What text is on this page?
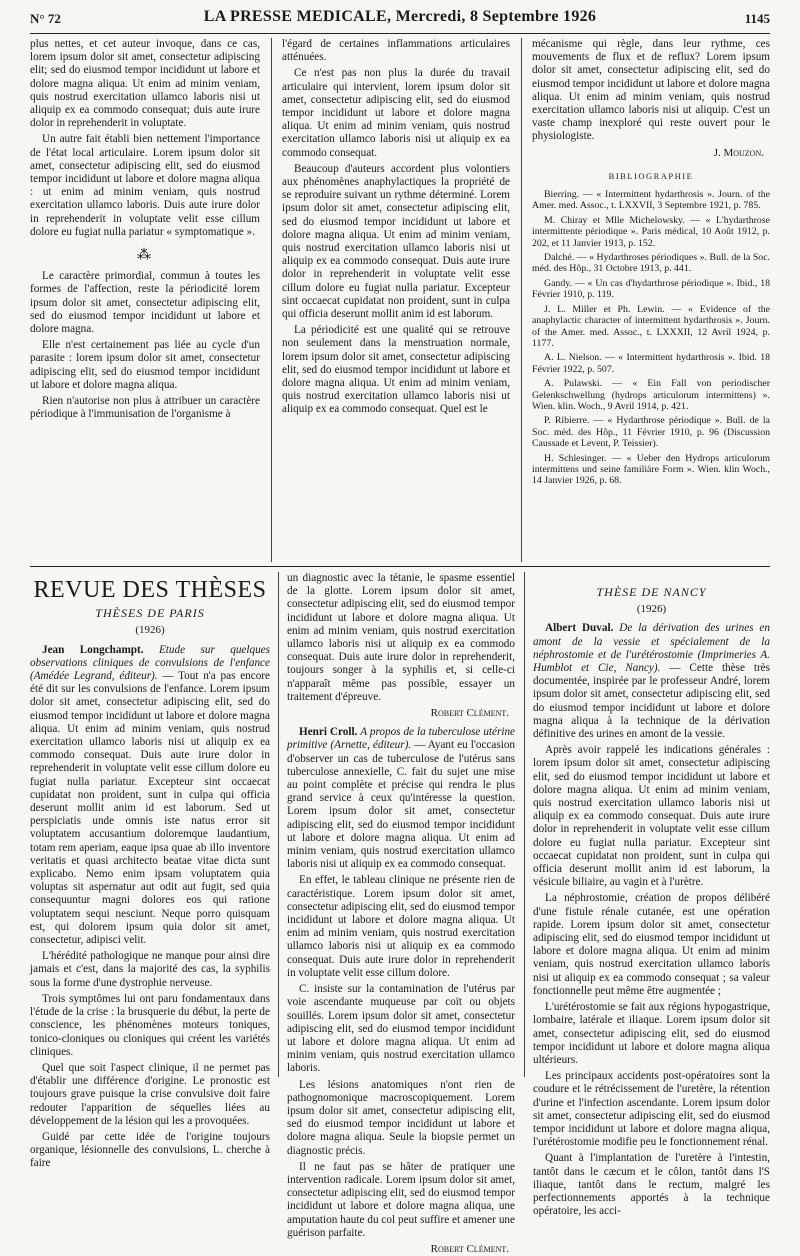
N° 72	LA PRESSE MEDICALE, Mercredi, 8 Septembre 1926	1145

plus nettes, et cet auteur invoque, dans ce cas, lorem ipsum dolor sit amet, consectetur adipiscing elit; sed do eiusmod tempor incididunt ut labore et dolore magna aliqua. Ut enim ad minim veniam, quis nostrud exercitation ullamco laboris nisi ut aliquip ex ea commodo consequat; duis aute irure dolor in reprehenderit in voluptate.

Un autre fait établi bien nettement l'importance de l'état local articulaire. Lorem ipsum dolor sit amet, consectetur adipiscing elit, sed do eiusmod tempor incididunt ut labore et dolore magna aliqua : ut enim ad minim veniam, quis nostrud exercitation ullamco laboris. Duis aute irure dolor in reprehenderit in voluptate velit esse cillum dolore eu fugiat nulla pariatur « symptomatique ».

⁂

Le caractère primordial, commun à toutes les formes de l'affection, reste la périodicité lorem ipsum dolor sit amet, consectetur adipiscing elit, sed do eiusmod tempor incididunt ut labore et dolore magna.

Elle n'est certainement pas liée au cycle d'un parasite : lorem ipsum dolor sit amet, consectetur adipiscing elit, sed do eiusmod tempor incididunt ut labore et dolore magna aliqua.

Rien n'autorise non plus à attribuer un caractère périodique à l'immunisation de l'organisme à

l'égard de certaines inflammations articulaires atténuées.

Ce n'est pas non plus la durée du travail articulaire qui intervient, lorem ipsum dolor sit amet, consectetur adipiscing elit, sed do eiusmod tempor incididunt ut labore et dolore magna aliqua. Ut enim ad minim veniam, quis nostrud exercitation ullamco laboris nisi ut aliquip ex ea commodo consequat.

Beaucoup d'auteurs accordent plus volontiers aux phénomènes anaphylactiques la propriété de se reproduire suivant un rythme déterminé. Lorem ipsum dolor sit amet, consectetur adipiscing elit, sed do eiusmod tempor incididunt ut labore et dolore magna aliqua. Ut enim ad minim veniam, quis nostrud exercitation ullamco laboris nisi ut aliquip ex ea commodo consequat. Duis aute irure dolor in reprehenderit in voluptate velit esse cillum dolore eu fugiat nulla pariatur. Excepteur sint occaecat cupidatat non proident, sunt in culpa qui officia deserunt mollit anim id est laborum.

La périodicité est une qualité qui se retrouve non seulement dans la menstruation normale, lorem ipsum dolor sit amet, consectetur adipiscing elit, sed do eiusmod tempor incididunt ut labore et dolore magna aliqua. Ut enim ad minim veniam, quis nostrud exercitation ullamco laboris nisi ut aliquip ex ea commodo consequat. Quel est le

mécanisme qui règle, dans leur rythme, ces mouvements de flux et de reflux? Lorem ipsum dolor sit amet, consectetur adipiscing elit, sed do eiusmod tempor incididunt ut labore et dolore magna aliqua. Ut enim ad minim veniam, quis nostrud exercitation ullamco laboris nisi ut aliquip. C'est un vaste champ inexploré qui reste ouvert pour le physiologiste.

J. Mouzon.
BIBLIOGRAPHIE

Bierring. — « Intermittent hydarthrosis ». Journ. of the Amer. med. Assoc., t. LXXVII, 3 Septembre 1921, p. 785.

M. Chiray et Mlle Michelowsky. — « L'hydarthrose intermittente périodique ». Paris médical, 10 Août 1912, p. 202, et 11 Janvier 1913, p. 152.

Dalché. — « Hydarthroses périodiques ». Bull. de la Soc. méd. des Hôp., 31 Octobre 1913, p. 441.

Gandy. — « Un cas d'hydarthrose périodique ». Ibid., 18 Février 1910, p. 119.

J. L. Miller et Ph. Lewin. — « Evidence of the anaphylactic character of intermittent hydarthrosis ». Journ. of the Amer. med. Assoc., t. LXXXII, 12 Avril 1924, p. 1177.

A. L. Nielson. — « Intermittent hydarthrosis ». Ibid. 18 Février 1922, p. 507.

A. Pulawski. — « Ein Fall von periodischer Gelenkschwellung (hydrops articulorum intermittens) ». Wien. klin. Woch., 9 Avril 1914, p. 421.

P. Ribierre. — « Hydarthrose périodique ». Bull. de la Soc. méd. des Hôp., 11 Février 1910, p. 96 (Discussion Caussade et Levent, P. Teissier).

H. Schlesinger. — « Ueber den Hydrops articulorum intermittens und seine familiäre Form ». Wien. klin Woch., 14 Janvier 1926, p. 68.

REVUE DES THÈSES
THÈSES DE PARIS
(1926)

Jean Longchampt. Etude sur quelques observations cliniques de convulsions de l'enfance (Amédée Legrand, éditeur). — Tout n'a pas encore été dit sur les convulsions de l'enfance. Lorem ipsum dolor sit amet, consectetur adipiscing elit, sed do eiusmod tempor incididunt ut labore et dolore magna aliqua. Ut enim ad minim veniam, quis nostrud exercitation ullamco laboris nisi ut aliquip ex ea commodo consequat. Duis aute irure dolor in reprehenderit in voluptate velit esse cillum dolore eu fugiat nulla pariatur. Excepteur sint occaecat cupidatat non proident, sunt in culpa qui officia deserunt mollit anim id est laborum. Sed ut perspiciatis unde omnis iste natus error sit voluptatem accusantium doloremque laudantium, totam rem aperiam, eaque ipsa quae ab illo inventore veritatis et quasi architecto beatae vitae dicta sunt explicabo. Nemo enim ipsam voluptatem quia voluptas sit aspernatur aut odit aut fugit, sed quia consequuntur magni dolores eos qui ratione voluptatem sequi nesciunt. Neque porro quisquam est, qui dolorem ipsum quia dolor sit amet, consectetur, adipisci velit.

L'hérédité pathologique ne manque pour ainsi dire jamais et c'est, dans la majorité des cas, la syphilis sous la forme d'une dystrophie nerveuse.

Trois symptômes lui ont paru fondamentaux dans l'étude de la crise : la brusquerie du début, la perte de conscience, les phénomènes moteurs toniques, tonico-cloniques ou cloniques qui créent les variétés cliniques.

Quel que soit l'aspect clinique, il ne permet pas d'établir une différence d'origine. Le pronostic est toujours grave puisque la crise convulsive doit faire redouter l'apparition de séquelles liées au développement de la lésion qui les a provoquées.

Guidé par cette idée de l'origine toujours organique, lésionnelle des convulsions, L. cherche à faire

un diagnostic avec la tétanie, le spasme essentiel de la glotte. Lorem ipsum dolor sit amet, consectetur adipiscing elit, sed do eiusmod tempor incididunt ut labore et dolore magna aliqua. Ut enim ad minim veniam, quis nostrud exercitation ullamco laboris nisi ut aliquip ex ea commodo consequat. Duis aute irure dolor in reprehenderit, toujours songer à la syphilis et, si celle-ci n'apparaît même pas possible, essayer un traitement d'épreuve.

Robert Clément.

Henri Croll. A propos de la tuberculose utérine primitive (Arnette, éditeur). — Ayant eu l'occasion d'observer un cas de tuberculose de l'utérus sans tuberculose annexielle, C. fait du sujet une mise au point complète et précise qui rendra le plus grand service à ceux qu'intéresse la question. Lorem ipsum dolor sit amet, consectetur adipiscing elit, sed do eiusmod tempor incididunt ut labore et dolore magna aliqua. Ut enim ad minim veniam, quis nostrud exercitation ullamco laboris nisi ut aliquip ex ea commodo consequat.

En effet, le tableau clinique ne présente rien de caractéristique. Lorem ipsum dolor sit amet, consectetur adipiscing elit, sed do eiusmod tempor incididunt ut labore et dolore magna aliqua. Ut enim ad minim veniam, quis nostrud exercitation ullamco laboris nisi ut aliquip ex ea commodo consequat. Duis aute irure dolor in reprehenderit in voluptate velit esse cillum dolore.

C. insiste sur la contamination de l'utérus par voie ascendante muqueuse par coït ou objets souillés. Lorem ipsum dolor sit amet, consectetur adipiscing elit, sed do eiusmod tempor incididunt ut labore et dolore magna aliqua. Ut enim ad minim veniam, quis nostrud exercitation ullamco laboris.

Les lésions anatomiques n'ont rien de pathognomonique macroscopiquement. Lorem ipsum dolor sit amet, consectetur adipiscing elit, sed do eiusmod tempor incididunt ut labore et dolore magna aliqua. Seule la biopsie permet un diagnostic précis.

Il ne faut pas se hâter de pratiquer une intervention radicale. Lorem ipsum dolor sit amet, consectetur adipiscing elit, sed do eiusmod tempor incididunt ut labore et dolore magna aliqua, une amputation haute du col peut suffire et amener une guérison parfaite.

Robert Clément.
THÈSE DE NANCY
(1926)

Albert Duval. De la dérivation des urines en amont de la vessie et spécialement de la néphrostomie et de l'urétérostomie (Imprimeries A. Humblot et Cie, Nancy). — Cette thèse très documentée, inspirée par le professeur André, lorem ipsum dolor sit amet, consectetur adipiscing elit, sed do eiusmod tempor incididunt ut labore et dolore magna aliqua à la technique de la dérivation définitive des urines en amont de la vessie.

Après avoir rappelé les indications générales : lorem ipsum dolor sit amet, consectetur adipiscing elit, sed do eiusmod tempor incididunt ut labore et dolore magna aliqua. Ut enim ad minim veniam, quis nostrud exercitation ullamco laboris nisi ut aliquip ex ea commodo consequat. Duis aute irure dolor in reprehenderit in voluptate velit esse cillum dolore eu fugiat nulla pariatur. Excepteur sint occaecat cupidatat non proident, sunt in culpa qui officia deserunt mollit anim id est laborum, la vésicule biliaire, au vagin et à l'urètre.

La néphrostomie, création de propos délibéré d'une fistule rénale cutanée, est une opération rapide. Lorem ipsum dolor sit amet, consectetur adipiscing elit, sed do eiusmod tempor incididunt ut labore et dolore magna aliqua. Ut enim ad minim veniam, quis nostrud exercitation ullamco laboris nisi ut aliquip ex ea commodo consequat ; sa valeur fonctionnelle peut même être augmentée ;

L'urétérostomie se fait aux régions hypogastrique, lombaire, latérale et iliaque. Lorem ipsum dolor sit amet, consectetur adipiscing elit, sed do eiusmod tempor incididunt ut labore et dolore magna aliqua ultérieurs.

Les principaux accidents post-opératoires sont la coudure et le rétrécissement de l'uretère, la rétention d'urine et l'infection ascendante. Lorem ipsum dolor sit amet, consectetur adipiscing elit, sed do eiusmod tempor incididunt ut labore et dolore magna aliqua, l'urétérostomie modifie peu le fonctionnement rénal.

Quant à l'implantation de l'uretère à l'intestin, tantôt dans le cæcum et le côlon, tantôt dans l'S iliaque, tantôt dans le rectum, malgré les perfectionnements apportés à la technique opératoire, les acci-
